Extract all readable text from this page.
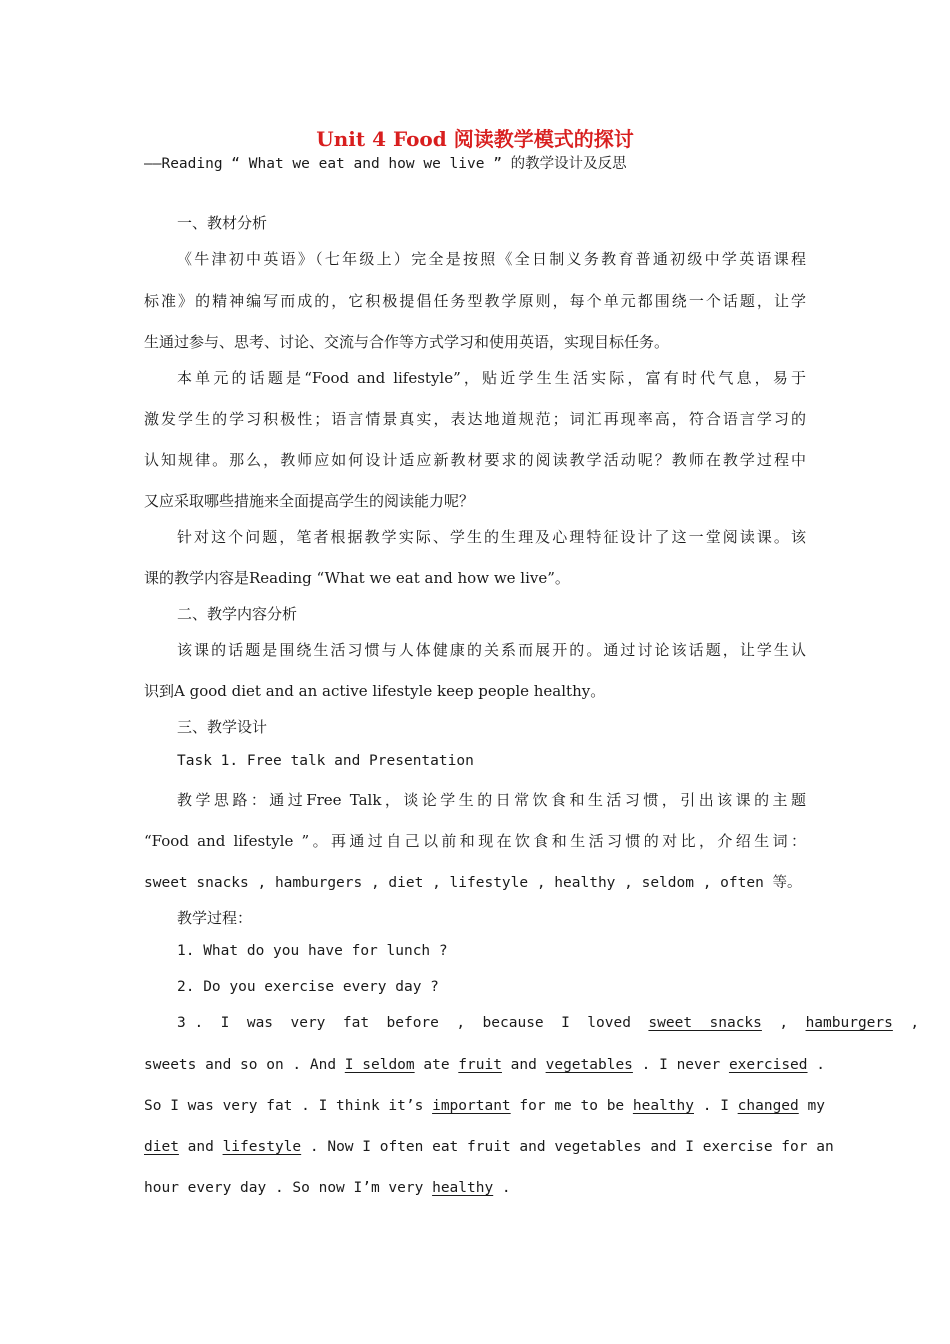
Unit 4 Food 阅读教学模式的探讨
——Reading “ What we eat and how we live ” 的教学设计及反思
一、教材分析
《牛津初中英语》（七年级上）完全是按照《全日制义务教育普通初级中学英语课程
标准》的精神编写而成的，它积极提倡任务型教学原则，每个单元都围绕一个话题，让学
生通过参与、思考、讨论、交流与合作等方式学习和使用英语，实现目标任务。
本单元的话题是“Food and lifestyle”，贴近学生生活实际，富有时代气息，易于
激发学生的学习积极性；语言情景真实，表达地道规范；词汇再现率高，符合语言学习的
认知规律。那么，教师应如何设计适应新教材要求的阅读教学活动呢？教师在教学过程中
又应采取哪些措施来全面提高学生的阅读能力呢？
针对这个问题，笔者根据教学实际、学生的生理及心理特征设计了这一堂阅读课。该
课的教学内容是Reading “What we eat and how we live”。
二、教学内容分析
该课的话题是围绕生活习惯与人体健康的关系而展开的。通过讨论该话题，让学生认
识到A good diet and an active lifestyle keep people healthy。
三、教学设计
Task 1. Free talk and Presentation
教学思路：通过Free Talk，谈论学生的日常饮食和生活习惯，引出该课的主题
“Food and lifestyle ”。再通过自己以前和现在饮食和生活习惯的对比，介绍生词：
sweet snacks , hamburgers , diet , lifestyle , healthy , seldom , often 等。
教学过程：
1. What do you have for lunch ?
2. Do you exercise every day ?
3 .  I  was  very  fat  before  ,  because  I  loved  sweet  snacks  ,  hamburgers  ,
sweets and so on . And I seldom ate fruit and vegetables . I never exercised .
So I was very fat . I think it’s important for me to be healthy . I changed my
diet and lifestyle . Now I often eat fruit and vegetables and I exercise for an
hour every day . So now I’m very healthy .
